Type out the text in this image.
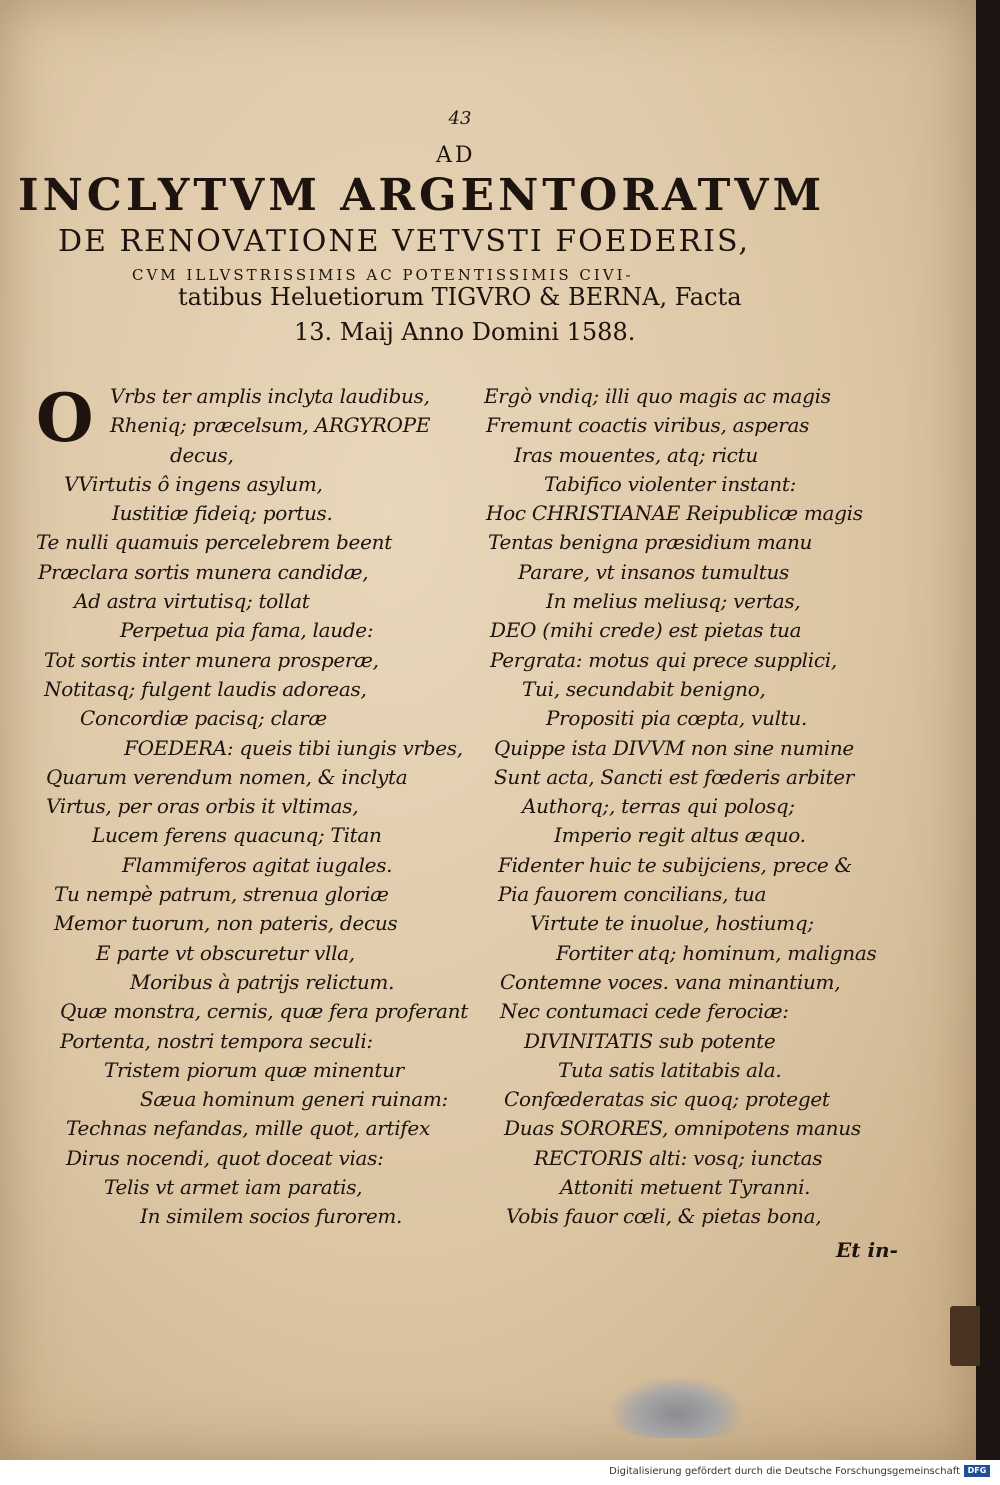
43
AD
INCLYTVM ARGENTORATVM
DE RENOVATIONE VETVSTI FOEDERIS,
CVM ILLVSTRISSIMIS AC POTENTISSIMIS CIVI-
tatibus Heluetiorum TIGVRO & BERNA, Facta
13. Maij Anno Domini 1588.
O Vrbs ter amplis inclyta laudibus,
Rheniq; præcelsum, ARGYROPE
decus,
VVirtutis ô ingens asylum,
Iustitiæ fideiq; portus.
Te nulli quamuis percelebrem beent
Præclara sortis munera candidæ,
Ad astra virtutisq; tollat
Perpetua pia fama, laude:
Tot sortis inter munera prosperæ,
Notitasq; fulgent laudis adoreas,
Concordiæ pacisq; claræ
FOEDERA: queis tibi iungis vrbes,
Quarum verendum nomen, & inclyta
Virtus, per oras orbis it vltimas,
Lucem ferens quacunq; Titan
Flammiferos agitat iugales.
Tu nempè patrum, strenua gloriæ
Memor tuorum, non pateris, decus
E parte vt obscuretur vlla,
Moribus à patrijs relictum.
Quæ monstra, cernis, quæ fera proferant
Portenta, nostri tempora seculi:
Tristem piorum quæ minentur
Sæua hominum generi ruinam:
Technas nefandas, mille quot, artifex
Dirus nocendi, quot doceat vias:
Telis vt armet iam paratis,
In similem socios furorem.
Ergò vndiq; illi quo magis ac magis
Fremunt coactis viribus, asperas
Iras mouentes, atq; rictu
Tabifico violenter instant:
Hoc CHRISTIANAE Reipublicæ magis
Tentas benigna præsidium manu
Parare, vt insanos tumultus
In melius meliusq; vertas,
DEO (mihi crede) est pietas tua
Pergrata: motus qui prece supplici,
Tui, secundabit benigno,
Propositi pia cœpta, vultu.
Quippe ista DIVVM non sine numine
Sunt acta, Sancti est fœderis arbiter
Authorq;, terras qui polosq;
Imperio regit altus æquo.
Fidenter huic te subijciens, prece &
Pia fauorem concilians, tua
Virtute te inuolue, hostiumq;
Fortiter atq; hominum, malignas
Contemne voces. vana minantium,
Nec contumaci cede ferociæ:
DIVINITATIS sub potente
Tuta satis latitabis ala.
Confœderatas sic quoq; proteget
Duas SORORES, omnipotens manus
RECTORIS alti: vosq; iunctas
Attoniti metuent Tyranni.
Vobis fauor cœli, & pietas bona,
Et in-
Digitalisierung gefördert durch die Deutsche Forschungsgemeinschaft DFG
